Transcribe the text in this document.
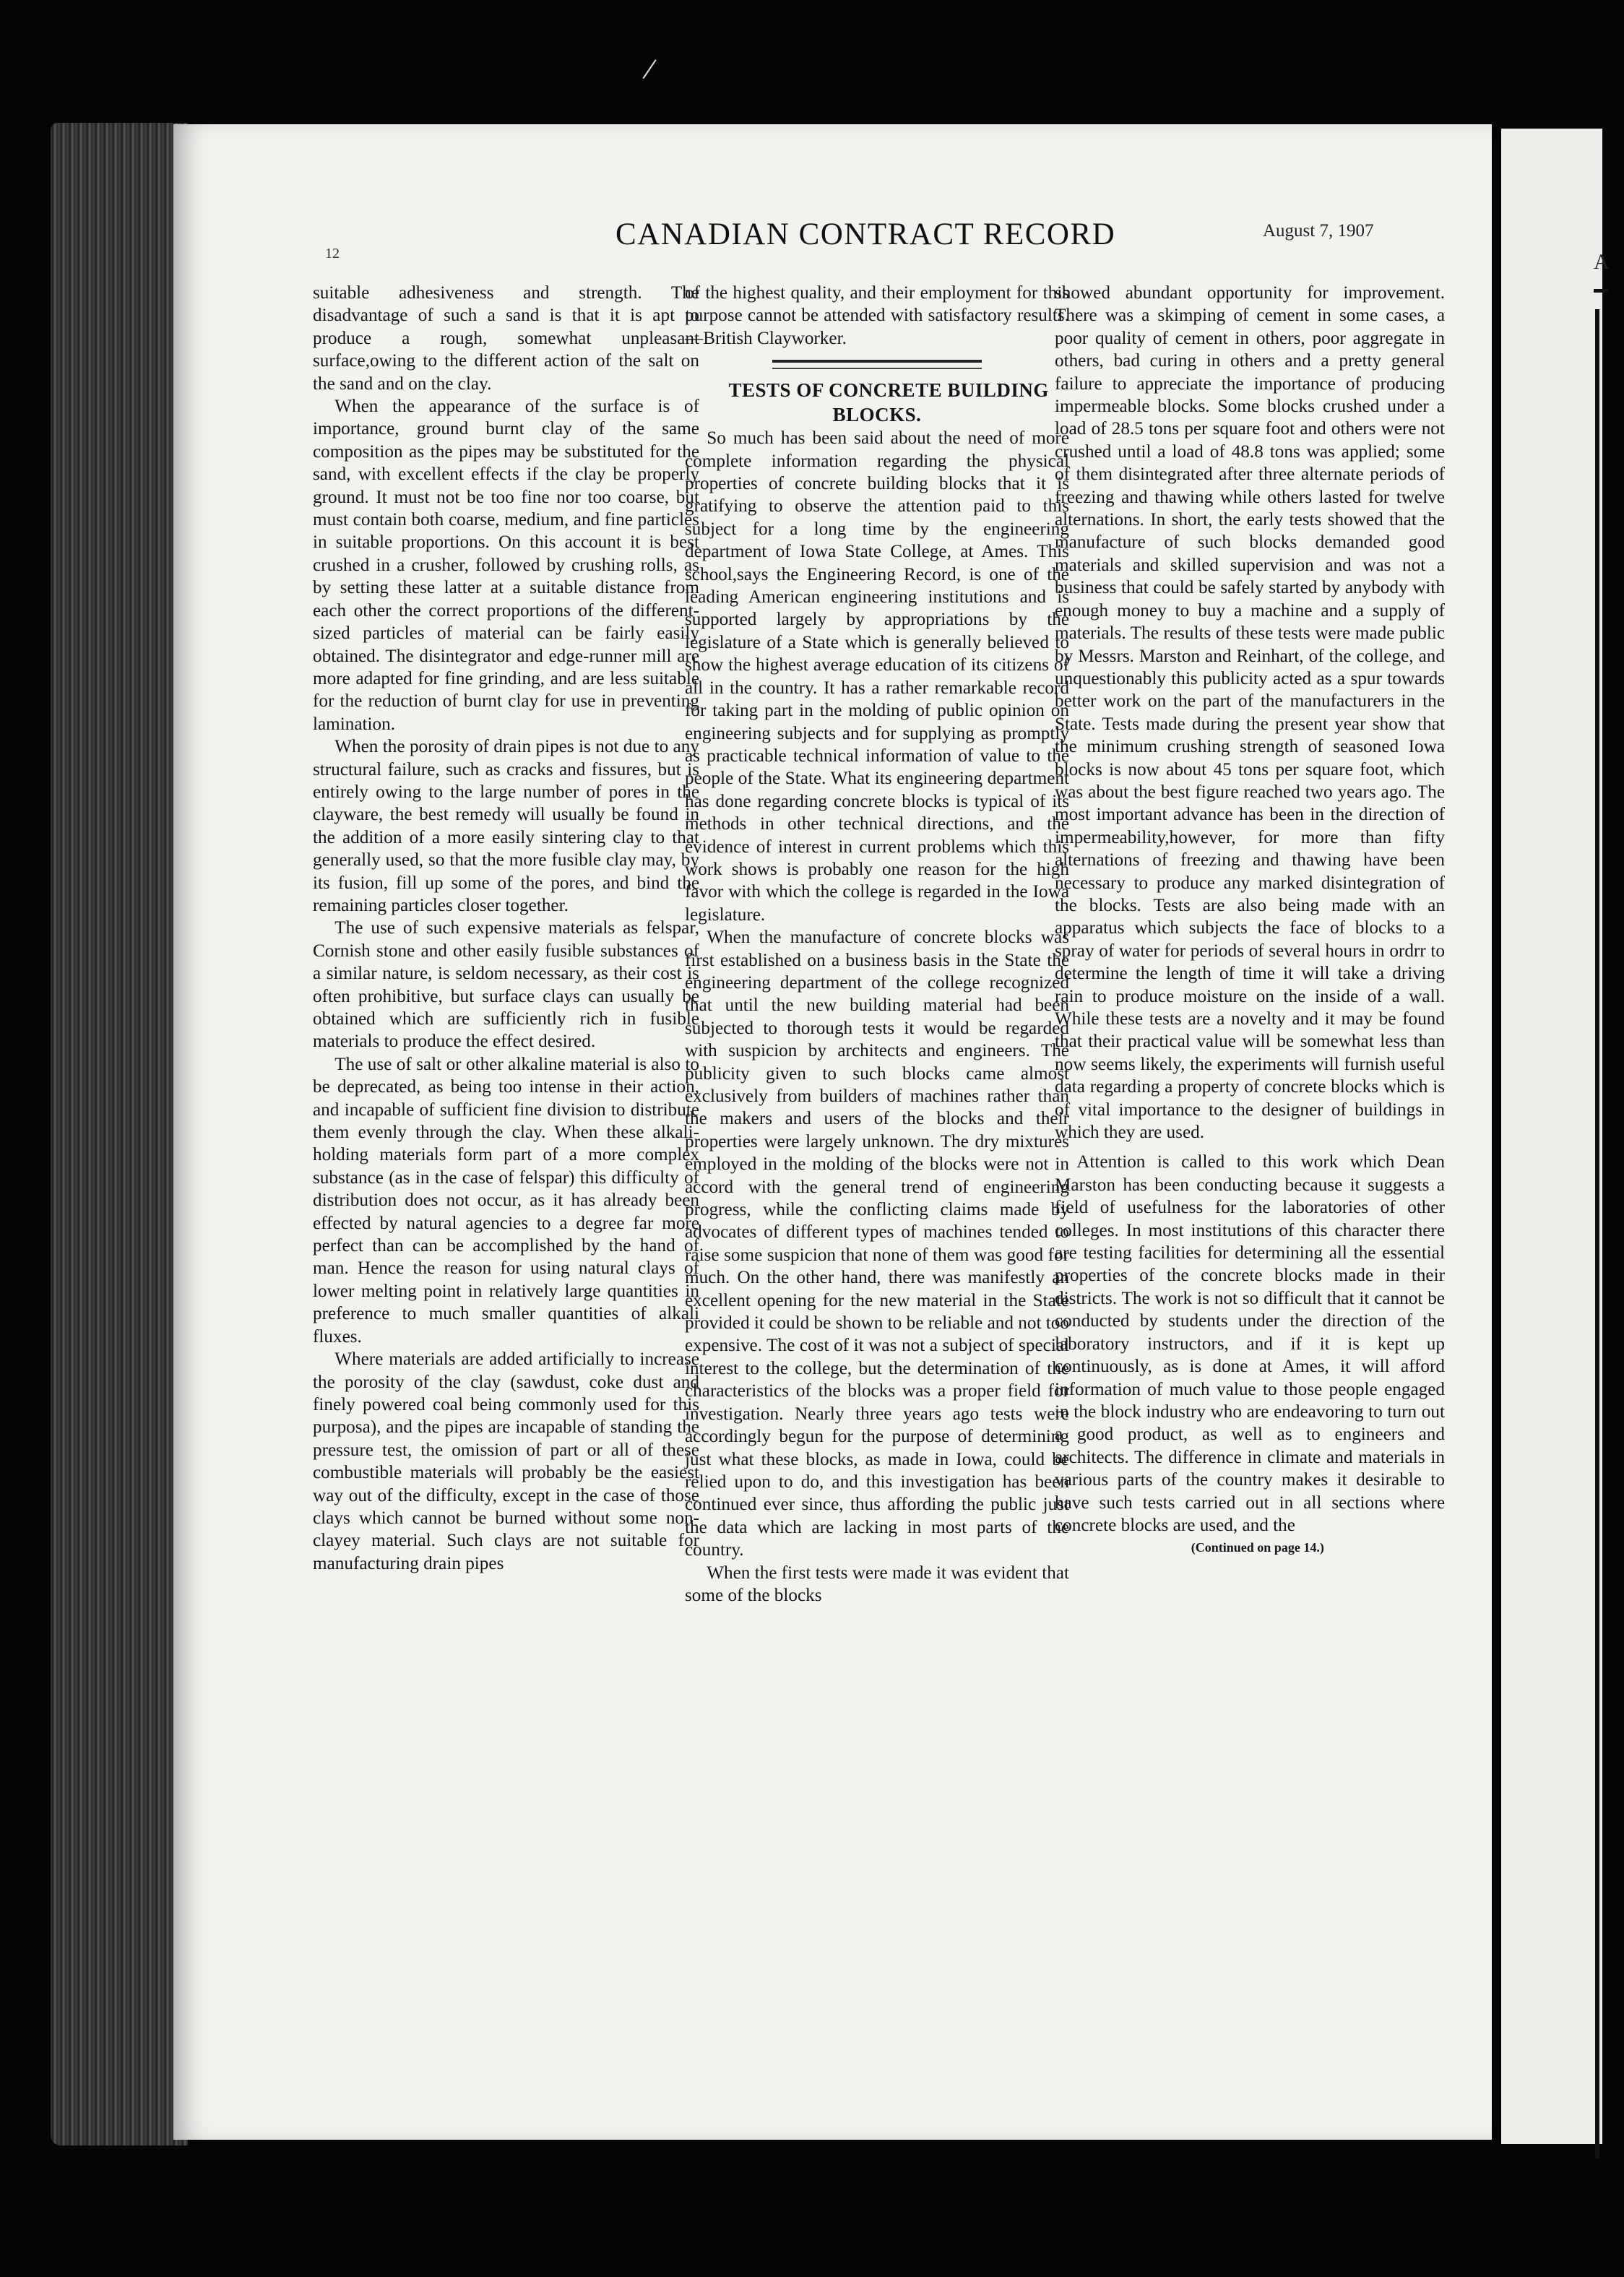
/
A
12
CANADIAN CONTRACT RECORD	August 7, 1907

suitable adhesiveness and strength. The disadvantage of such a sand is that it is apt to produce a rough, somewhat unpleasant surface,owing to the different action of the salt on the sand and on the clay.

When the appearance of the surface is of importance, ground burnt clay of the same composition as the pipes may be substituted for the sand, with excellent effects if the clay be properly ground. It must not be too fine nor too coarse, but must contain both coarse, medium, and fine particles in suitable proportions. On this account it is best crushed in a crusher, followed by crushing rolls, as by setting these latter at a suitable distance from each other the correct proportions of the different-sized particles of material can be fairly easily obtained. The disintegrator and edge-runner mill are more adapted for fine grinding, and are less suitable for the reduction of burnt clay for use in preventing lamination.

When the porosity of drain pipes is not due to any structural failure, such as cracks and fissures, but is entirely owing to the large number of pores in the clayware, the best remedy will usually be found in the addition of a more easily sintering clay to that generally used, so that the more fusible clay may, by its fusion, fill up some of the pores, and bind the remaining particles closer together.

The use of such expensive materials as felspar, Cornish stone and other easily fusible substances of a similar nature, is seldom necessary, as their cost is often prohibitive, but surface clays can usually be obtained which are sufficiently rich in fusible materials to produce the effect desired.

The use of salt or other alkaline material is also to be deprecated, as being too intense in their action, and incapable of sufficient fine division to distribute them evenly through the clay. When these alkali-holding materials form part of a more complex substance (as in the case of felspar) this difficulty of distribution does not occur, as it has already been effected by natural agencies to a degree far more perfect than can be accomplished by the hand of man. Hence the reason for using natural clays of lower melting point in relatively large quantities in preference to much smaller quantities of alkali fluxes.

Where materials are added artificially to increase the porosity of the clay (sawdust, coke dust and finely powered coal being commonly used for this purposa), and the pipes are incapable of standing the pressure test, the omission of part or all of these combustible materials will probably be the easiest way out of the difficulty, except in the case of those clays which cannot be burned without some non-clayey material. Such clays are not suitable for manufacturing drain pipes

of the highest quality, and their employment for this purpose cannot be attended with satisfactory results.—British Clayworker.

TESTS OF CONCRETE BUILDING BLOCKS.

So much has been said about the need of more complete information regarding the physical properties of concrete building blocks that it is gratifying to observe the attention paid to this subject for a long time by the engineering department of Iowa State College, at Ames. This school,says the Engineering Record, is one of the leading American engineering institutions and is supported largely by appropriations by the legislature of a State which is generally believed to show the highest average education of its citizens of all in the country. It has a rather remarkable record for taking part in the molding of public opinion on engineering subjects and for supplying as promptly as practicable technical information of value to the people of the State. What its engineering department has done regarding concrete blocks is typical of its methods in other technical directions, and the evidence of interest in current problems which this work shows is probably one reason for the high favor with which the college is regarded in the Iowa legislature.

When the manufacture of concrete blocks was first established on a business basis in the State the engineering department of the college recognized that until the new building material had been subjected to thorough tests it would be regarded with suspicion by architects and engineers. The publicity given to such blocks came almost exclusively from builders of machines rather than the makers and users of the blocks and their properties were largely unknown. The dry mixtures employed in the molding of the blocks were not in accord with the general trend of engineering progress, while the conflicting claims made by advocates of different types of machines tended to raise some suspicion that none of them was good for much. On the other hand, there was manifestly an excellent opening for the new material in the State provided it could be shown to be reliable and not too expensive. The cost of it was not a subject of special interest to the college, but the determination of the characteristics of the blocks was a proper field for investigation. Nearly three years ago tests were accordingly begun for the purpose of determining just what these blocks, as made in Iowa, could be relied upon to do, and this investigation has been continued ever since, thus affording the public just the data which are lacking in most parts of the country.

When the first tests were made it was evident that some of the blocks

showed abundant opportunity for improvement. There was a skimping of cement in some cases, a poor quality of cement in others, poor aggregate in others, bad curing in others and a pretty general failure to appreciate the importance of producing impermeable blocks. Some blocks crushed under a load of 28.5 tons per square foot and others were not crushed until a load of 48.8 tons was applied; some of them disintegrated after three alternate periods of freezing and thawing while others lasted for twelve alternations. In short, the early tests showed that the manufacture of such blocks demanded good materials and skilled supervision and was not a business that could be safely started by anybody with enough money to buy a machine and a supply of materials. The results of these tests were made public by Messrs. Marston and Reinhart, of the college, and unquestionably this publicity acted as a spur towards better work on the part of the manufacturers in the State. Tests made during the present year show that the minimum crushing strength of seasoned Iowa blocks is now about 45 tons per square foot, which was about the best figure reached two years ago. The most important advance has been in the direction of impermeability,however, for more than fifty alternations of freezing and thawing have been necessary to produce any marked disintegration of the blocks. Tests are also being made with an apparatus which subjects the face of blocks to a spray of water for periods of several hours in ordrr to determine the length of time it will take a driving rain to produce moisture on the inside of a wall. While these tests are a novelty and it may be found that their practical value will be somewhat less than now seems likely, the experiments will furnish useful data regarding a property of concrete blocks which is of vital importance to the designer of buildings in which they are used.

Attention is called to this work which Dean Marston has been conducting because it suggests a field of usefulness for the laboratories of other colleges. In most institutions of this character there are testing facilities for determining all the essential properties of the concrete blocks made in their districts. The work is not so difficult that it cannot be conducted by students under the direction of the laboratory instructors, and if it is kept up continuously, as is done at Ames, it will afford information of much value to those people engaged in the block industry who are endeavoring to turn out a good product, as well as to engineers and architects. The difference in climate and materials in various parts of the country makes it desirable to have such tests carried out in all sections where concrete blocks are used, and the

(Continued on page 14.)
